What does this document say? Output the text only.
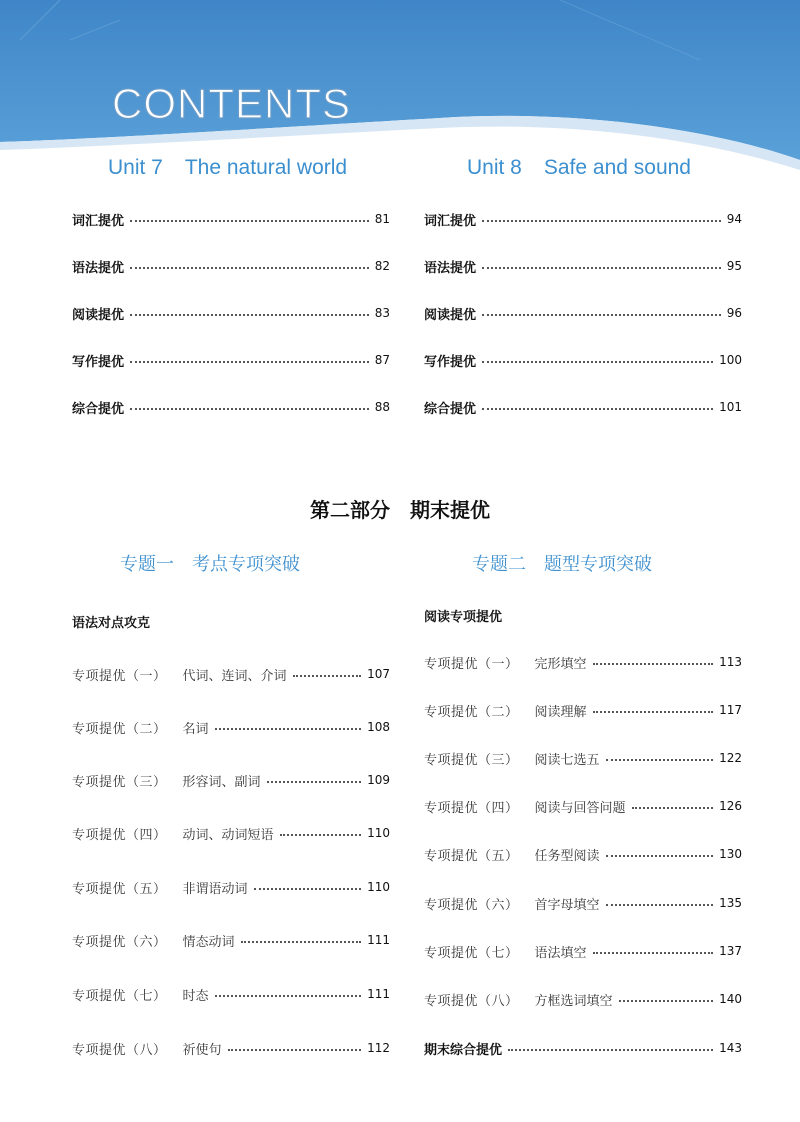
CONTENTS
Unit 7 The natural world	Unit 8 Safe and sound
词汇提优	81
语法提优	82
阅读提优	83
写作提优	87
综合提优	88
词汇提优	94
语法提优	95
阅读提优	96
写作提优	100
综合提优	101
第二部分　期末提优
专题一　考点专项突破	专题二　题型专项突破
语法对点攻克	阅读专项提优
专项提优（一） 代词、连词、介词	107
专项提优（二） 名词	108
专项提优（三） 形容词、副词	109
专项提优（四） 动词、动词短语	110
专项提优（五） 非谓语动词	110
专项提优（六） 情态动词	111
专项提优（七） 时态	111
专项提优（八） 祈使句	112
专项提优（一） 完形填空	113
专项提优（二） 阅读理解	117
专项提优（三） 阅读七选五	122
专项提优（四） 阅读与回答问题	126
专项提优（五） 任务型阅读	130
专项提优（六） 首字母填空	135
专项提优（七） 语法填空	137
专项提优（八） 方框选词填空	140
期末综合提优	143
